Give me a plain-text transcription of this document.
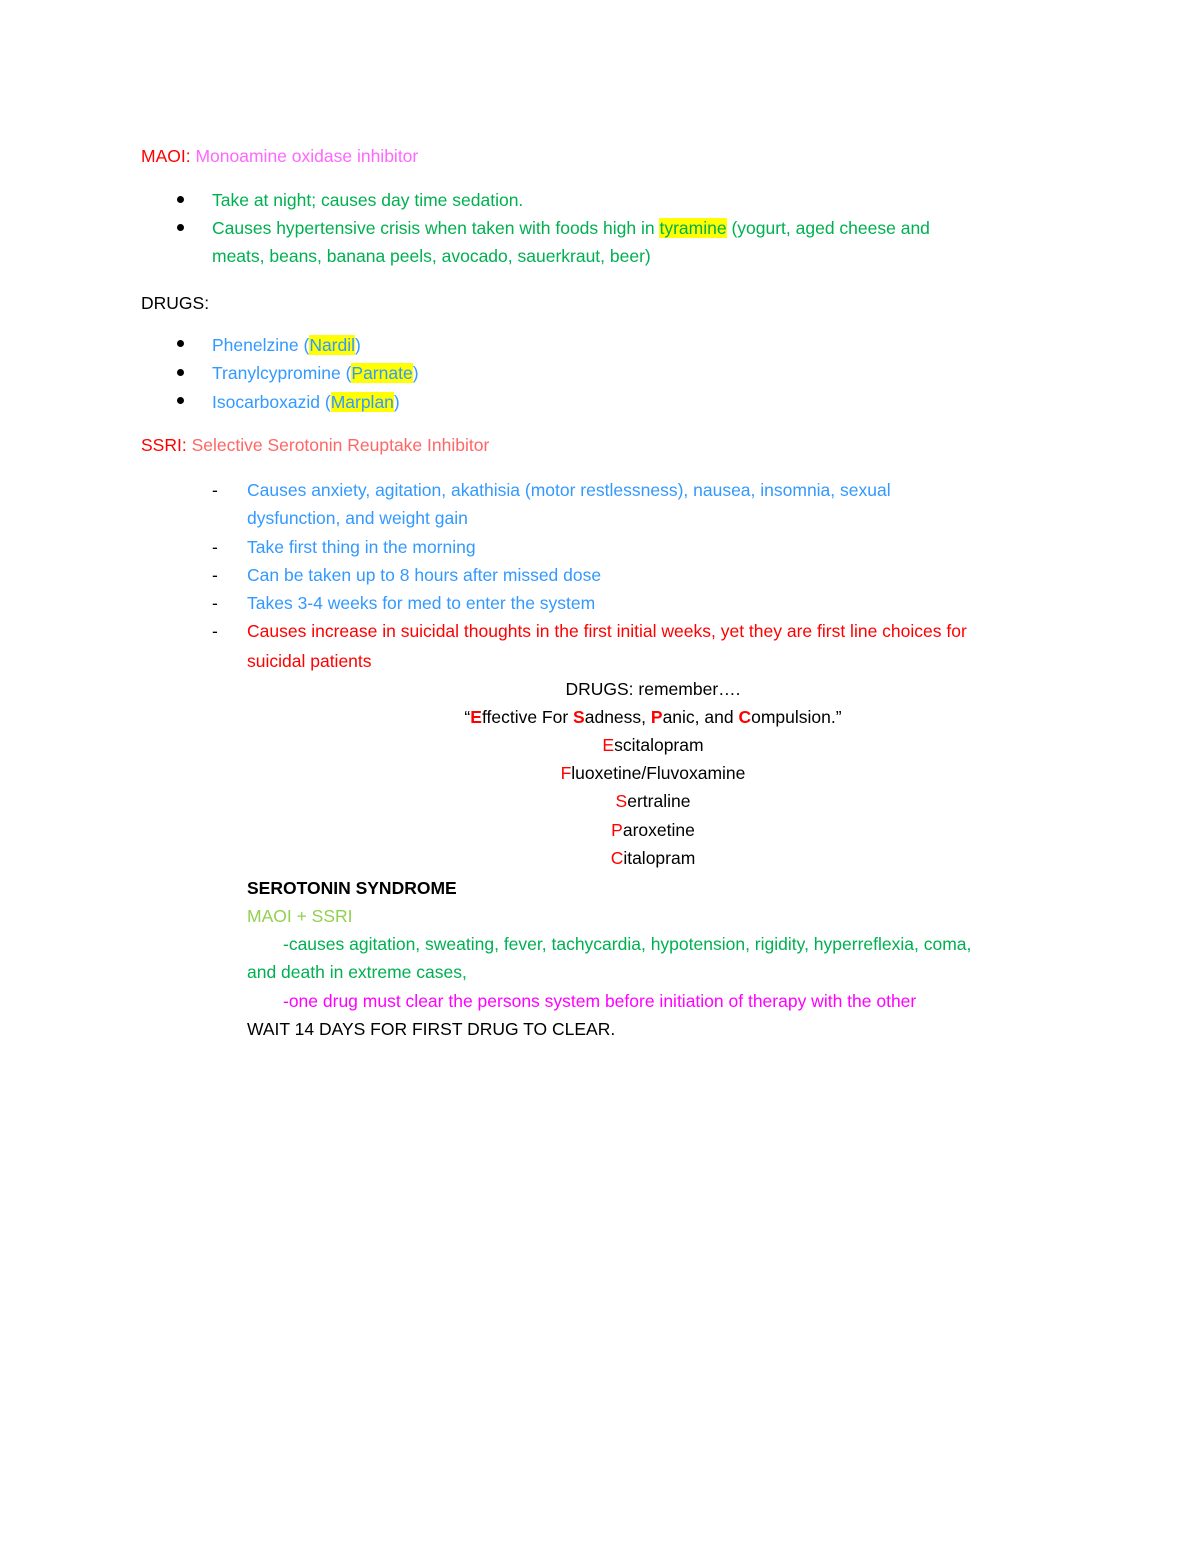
MAOI: Monoamine oxidase inhibitor
Take at night; causes day time sedation.
Causes hypertensive crisis when taken with foods high in tyramine (yogurt, aged cheese and
meats, beans, banana peels, avocado, sauerkraut, beer)
DRUGS:
Phenelzine (Nardil)
Tranylcypromine (Parnate)
Isocarboxazid (Marplan)
SSRI: Selective Serotonin Reuptake Inhibitor
- Causes anxiety, agitation, akathisia (motor restlessness), nausea, insomnia, sexual
dysfunction, and weight gain
- Take first thing in the morning
- Can be taken up to 8 hours after missed dose
- Takes 3-4 weeks for med to enter the system
- Causes increase in suicidal thoughts in the first initial weeks, yet they are first line choices for
suicidal patients
DRUGS: remember….
“Effective For Sadness, Panic, and Compulsion.”
Escitalopram
Fluoxetine/Fluvoxamine
Sertraline
Paroxetine
Citalopram
SEROTONIN SYNDROME
MAOI + SSRI
-causes agitation, sweating, fever, tachycardia, hypotension, rigidity, hyperreflexia, coma,
and death in extreme cases,
-one drug must clear the persons system before initiation of therapy with the other
WAIT 14 DAYS FOR FIRST DRUG TO CLEAR.
